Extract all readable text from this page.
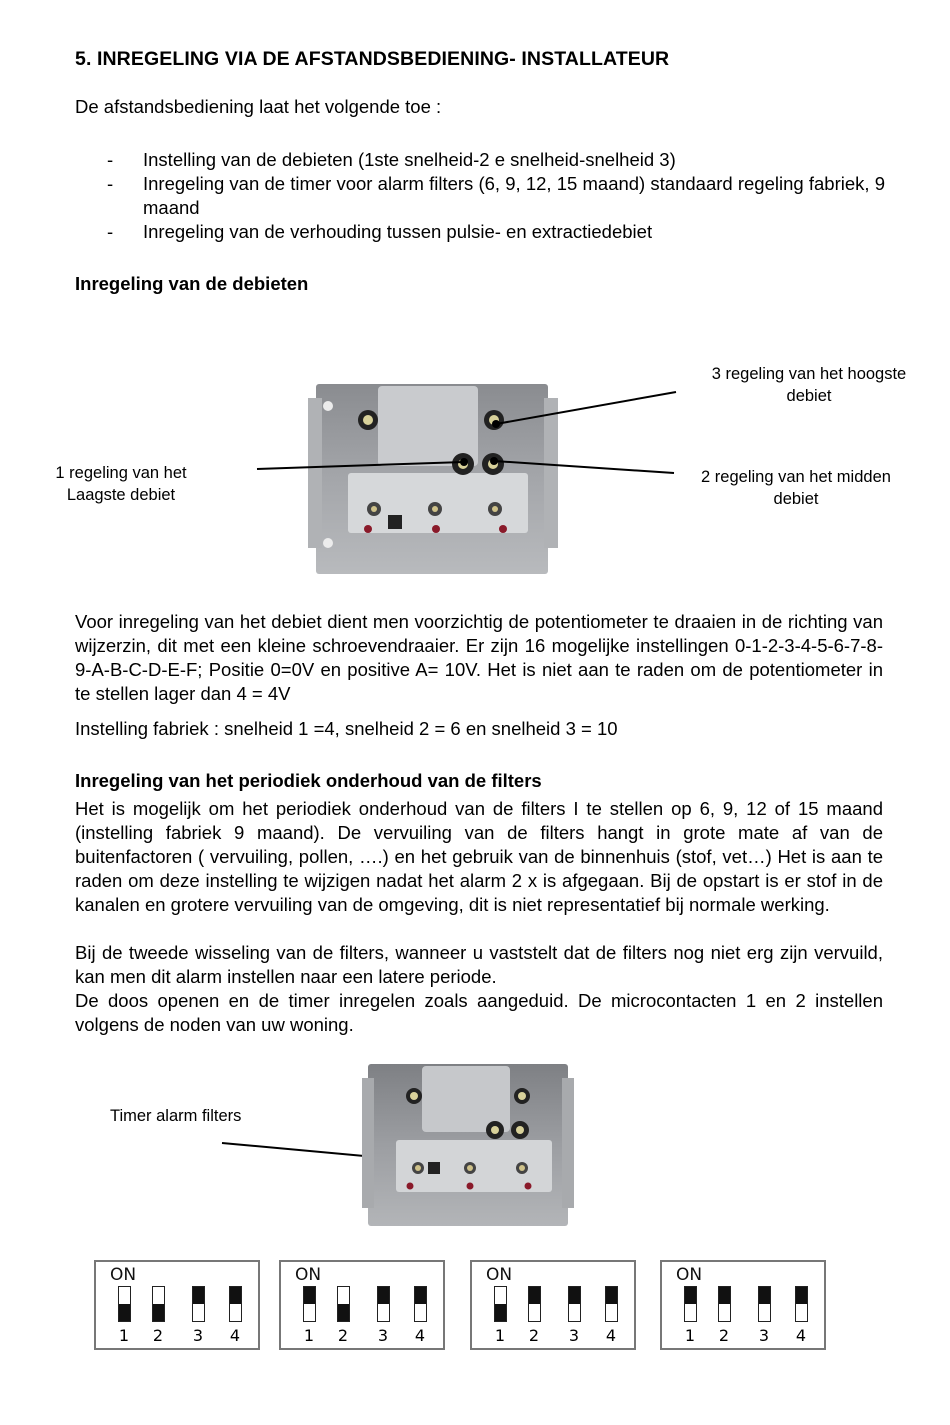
5. INREGELING VIA DE AFSTANDSBEDIENING- INSTALLATEUR
De afstandsbediening laat het volgende toe :
- Instelling van de debieten (1ste snelheid-2 e snelheid-snelheid 3)
- Inregeling van de timer voor alarm filters (6, 9, 12, 15 maand) standaard regeling fabriek, 9 maand
- Inregeling van de verhouding tussen pulsie- en extractiedebiet
Inregeling van de debieten
1 regeling van het
Laagste debiet
3 regeling van het hoogste
debiet
2 regeling van het midden
debiet

Voor inregeling van het debiet dient men voorzichtig de potentiometer te draaien in de richting van wijzerzin, dit met een kleine schroevendraaier. Er zijn 16 mogelijke instellingen 0-1-2-3-4-5-6-7-8-9-A-B-C-D-E-F; Positie 0=0V en positive A= 10V. Het is niet aan te raden om de potentiometer in te stellen lager dan 4 = 4V

Instelling fabriek : snelheid 1 =4, snelheid 2 = 6 en snelheid 3 = 10

Inregeling van het periodiek onderhoud van de filters

Het is mogelijk om het periodiek onderhoud van de filters I te stellen op 6, 9, 12 of 15 maand (instelling fabriek 9 maand). De vervuiling van de filters hangt in grote mate af van de buitenfactoren ( vervuiling, pollen, ….) en het gebruik van de binnenhuis (stof, vet…) Het is aan te raden om deze instelling te wijzigen nadat het alarm 2 x is afgegaan. Bij de opstart is er stof in de kanalen en grotere vervuiling van de omgeving, dit is niet representatief bij normale werking.

Bij de tweede wisseling van de filters, wanneer u vaststelt dat de filters nog niet erg zijn vervuild, kan men dit alarm instellen naar een latere periode.

De doos openen en de timer inregelen zoals aangeduid. De microcontacten 1 en 2 instellen volgens de noden van uw woning.

Timer alarm filters
ON
1 2 3 4
ON
1 2 3 4
ON
1 2 3 4
ON
1 2 3 4
